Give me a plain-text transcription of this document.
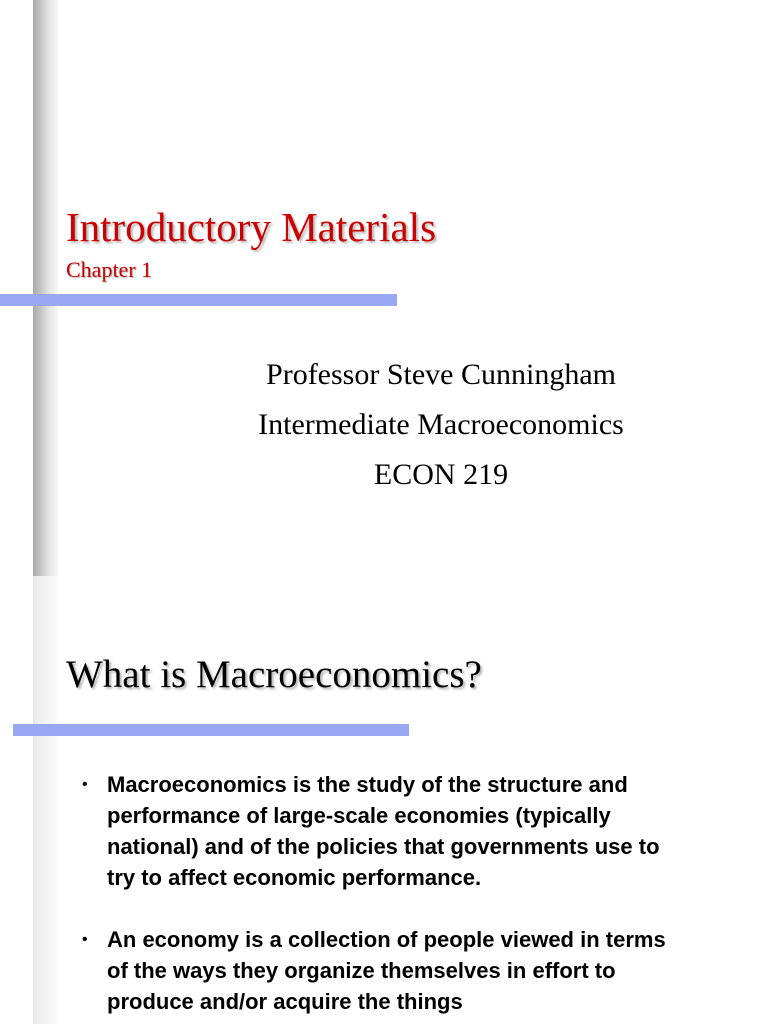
Introductory Materials
Chapter 1
Professor Steve Cunningham
Intermediate Macroeconomics
ECON 219
What is Macroeconomics?
• Macroeconomics is the study of the structure and performance of large-scale economies (typically national) and of the policies that governments use to try to affect economic performance.
• An economy is a collection of people viewed in terms of the ways they organize themselves in effort to produce and/or acquire the things
